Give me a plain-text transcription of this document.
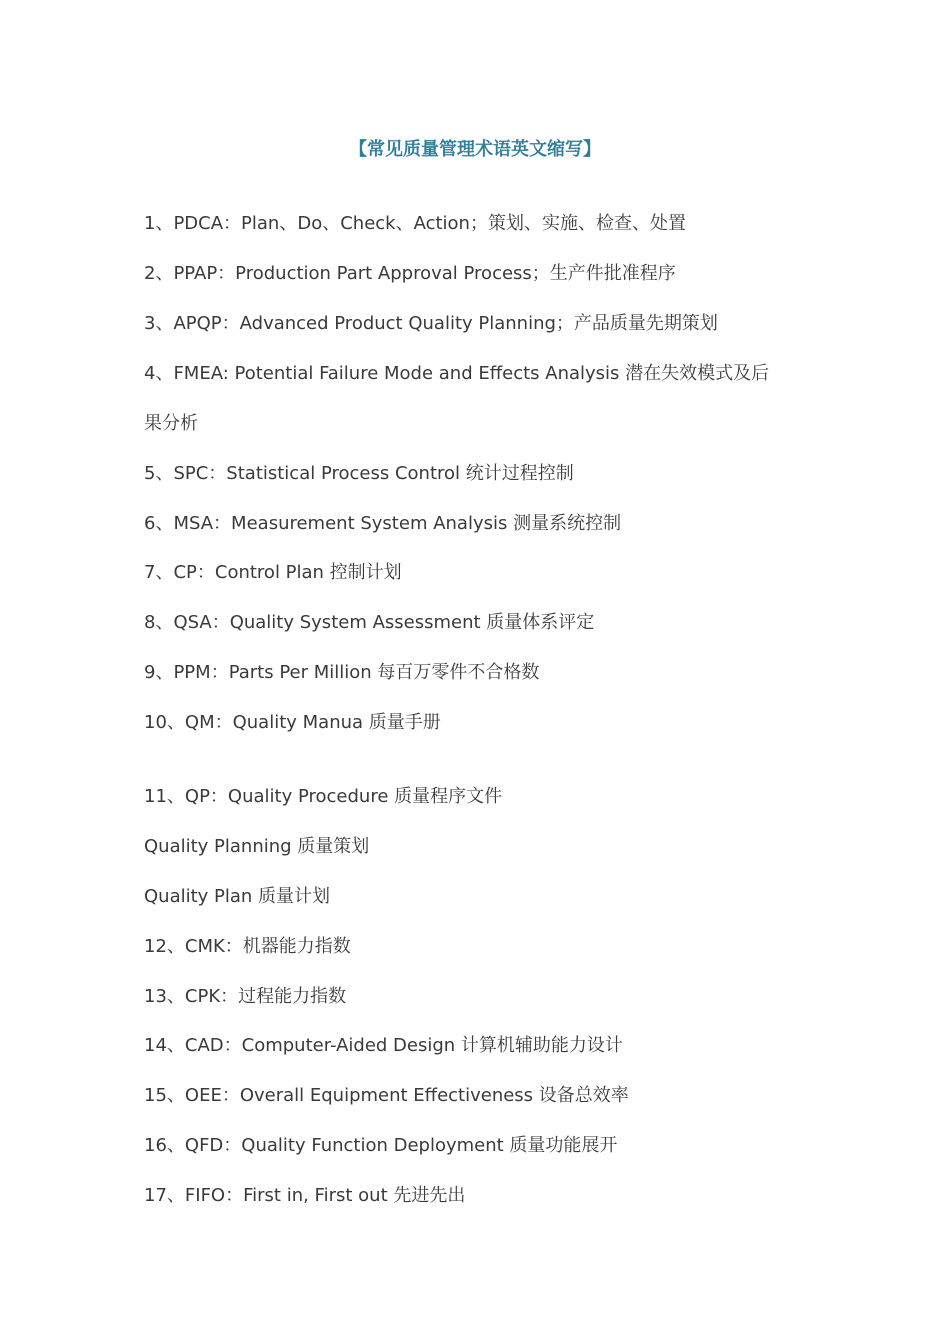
【常见质量管理术语英文缩写】
1、PDCA：Plan、Do、Check、Action；策划、实施、检查、处置
2、PPAP：Production Part Approval Process；生产件批准程序
3、APQP：Advanced Product Quality Planning；产品质量先期策划
4、FMEA: Potential Failure Mode and Effects Analysis 潜在失效模式及后
果分析
5、SPC：Statistical Process Control 统计过程控制
6、MSA：Measurement System Analysis 测量系统控制
7、CP：Control Plan 控制计划
8、QSA：Quality System Assessment 质量体系评定
9、PPM：Parts Per Million 每百万零件不合格数
10、QM：Quality Manua 质量手册
11、QP：Quality Procedure 质量程序文件
Quality Planning 质量策划
Quality Plan 质量计划
12、CMK：机器能力指数
13、CPK：过程能力指数
14、CAD：Computer-Aided Design 计算机辅助能力设计
15、OEE：Overall Equipment Effectiveness 设备总效率
16、QFD：Quality Function Deployment 质量功能展开
17、FIFO：First in, First out 先进先出
